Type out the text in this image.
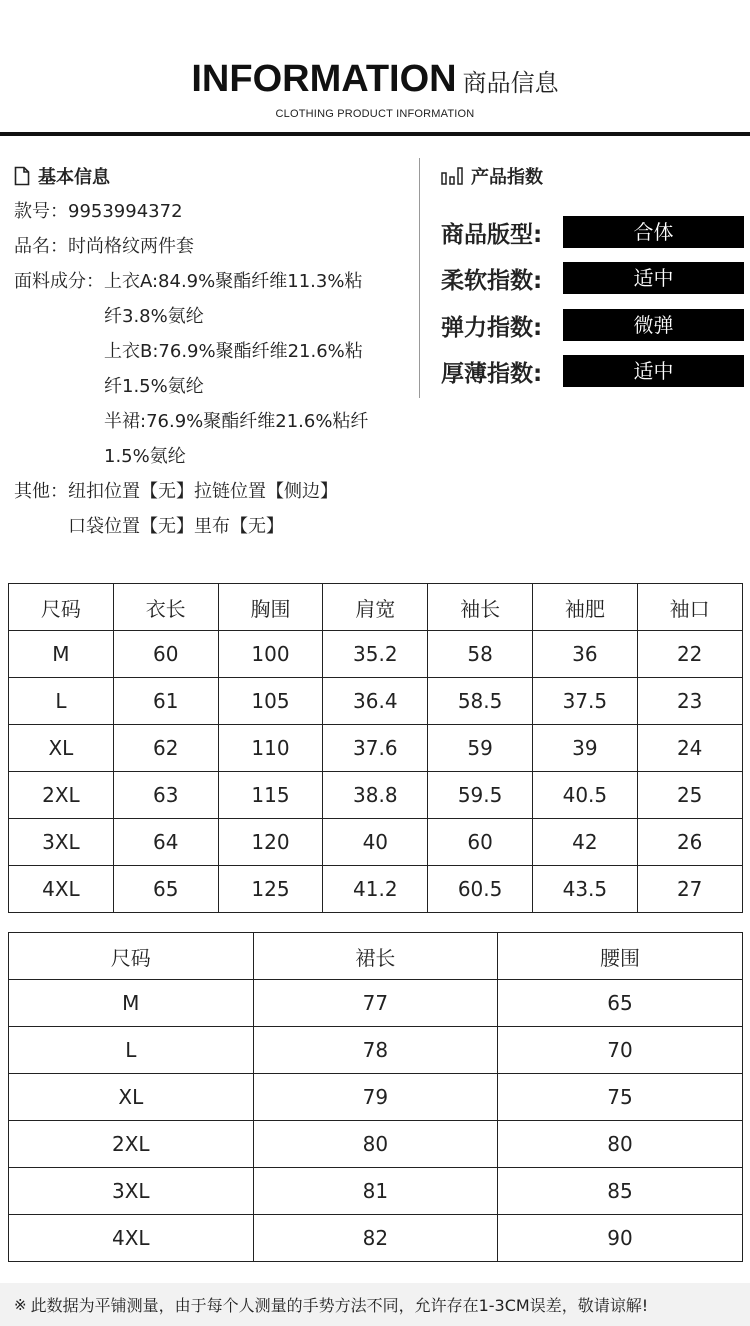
INFORMATION 商品信息
CLOTHING PRODUCT INFORMATION
基本信息
款号： 9953994372
品名： 时尚格纹两件套
面料成分： 上衣A:84.9%聚酯纤维11.3%粘
纤3.8%氨纶
上衣B:76.9%聚酯纤维21.6%粘
纤1.5%氨纶
半裙:76.9%聚酯纤维21.6%粘纤
1.5%氨纶
其他： 纽扣位置【无】拉链位置【侧边】
口袋位置【无】里布【无】
产品指数
商品版型:	合体
柔软指数:	适中
弹力指数:	微弹
厚薄指数:	适中
尺码	衣长	胸围	肩宽	袖长	袖肥	袖口
M	60	100	35.2	58	36	22
L	61	105	36.4	58.5	37.5	23
XL	62	110	37.6	59	39	24
2XL	63	115	38.8	59.5	40.5	25
3XL	64	120	40	60	42	26
4XL	65	125	41.2	60.5	43.5	27
尺码	裙长	腰围
M	77	65
L	78	70
XL	79	75
2XL	80	80
3XL	81	85
4XL	82	90
※ 此数据为平铺测量，由于每个人测量的手势方法不同，允许存在1-3CM误差，敬请谅解!
